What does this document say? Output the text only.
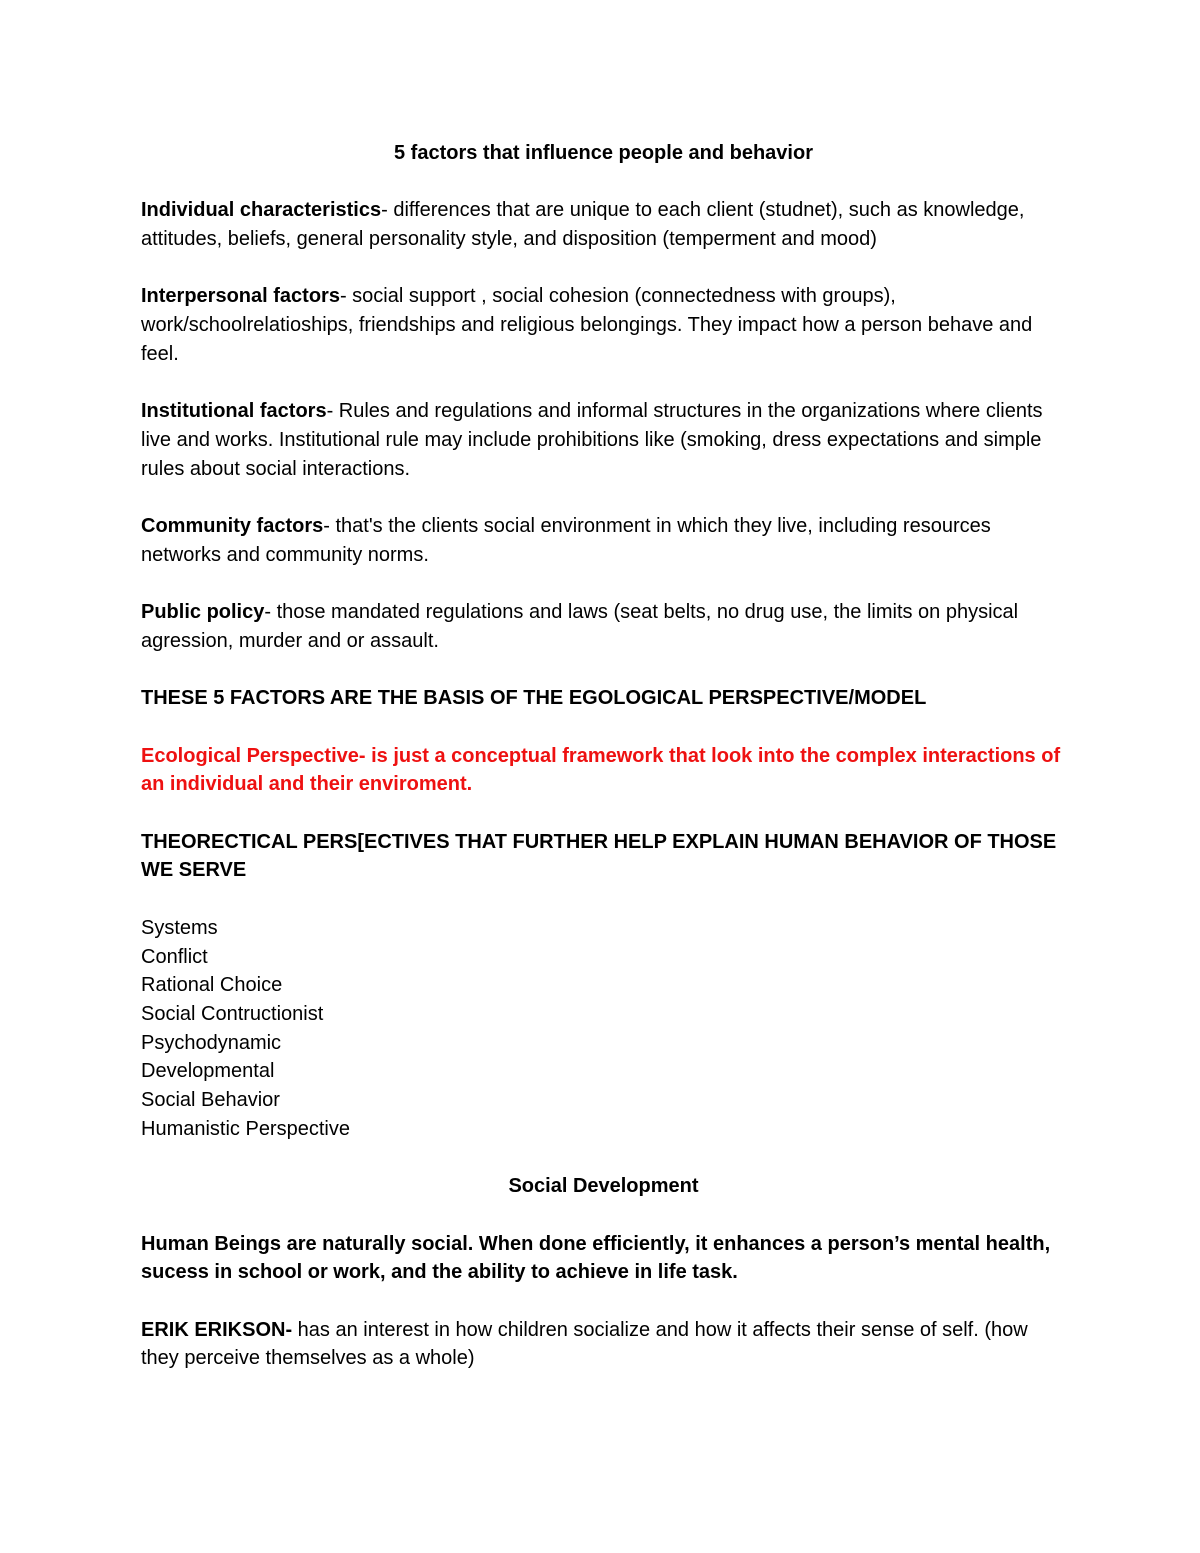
5 factors that influence people and behavior

Individual characteristics- differences that are unique to each client (studnet), such as knowledge, attitudes, beliefs, general personality style, and disposition (temperment and mood)

Interpersonal factors- social support , social cohesion (connectedness with groups), work/schoolrelatioships, friendships and religious belongings. They impact how a person behave and feel.

Institutional factors- Rules and regulations and informal structures in the organizations where clients live and works. Institutional rule may include prohibitions like (smoking, dress expectations and simple rules about social interactions.

Community factors- that's the clients social environment in which they live, including resources networks and community norms.

Public policy- those mandated regulations and laws (seat belts, no drug use, the limits on physical agression, murder and or assault.

THESE 5 FACTORS ARE THE BASIS OF THE EGOLOGICAL PERSPECTIVE/MODEL

Ecological Perspective- is just a conceptual framework that look into the complex interactions of an individual and their enviroment.

THEORECTICAL PERS[ECTIVES THAT FURTHER HELP EXPLAIN HUMAN BEHAVIOR OF THOSE WE SERVE

Systems
Conflict
Rational Choice
Social Contructionist
Psychodynamic
Developmental
Social Behavior
Humanistic Perspective
Social Development

Human Beings are naturally social. When done efficiently, it enhances a person’s mental health, sucess in school or work, and the ability to achieve in life task.

ERIK ERIKSON- has an interest in how children socialize and how it affects their sense of self. (how they perceive themselves as a whole)
